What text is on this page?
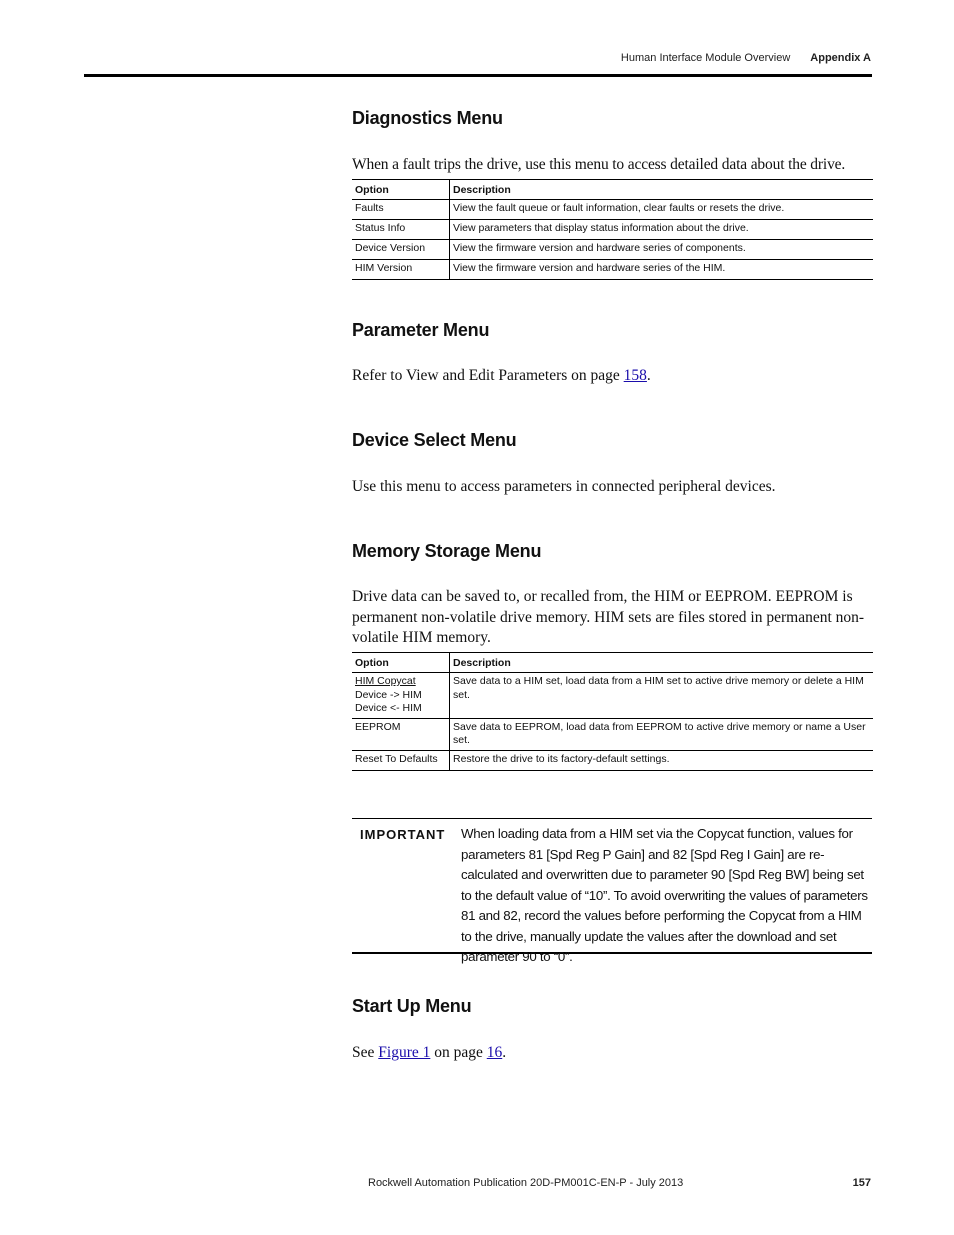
Human Interface Module Overview Appendix A
Diagnostics Menu

When a fault trips the drive, use this menu to access detailed data about the drive.

Option	Description
Faults	View the fault queue or fault information, clear faults or resets the drive.
Status Info	View parameters that display status information about the drive.
Device Version	View the firmware version and hardware series of components.
HIM Version	View the firmware version and hardware series of the HIM.
Parameter Menu

Refer to View and Edit Parameters on page 158.

Device Select Menu

Use this menu to access parameters in connected peripheral devices.

Memory Storage Menu

Drive data can be saved to, or recalled from, the HIM or EEPROM. EEPROM is permanent non-volatile drive memory. HIM sets are files stored in permanent non-volatile HIM memory.

Option	Description

HIM Copycat
Device -> HIM
Device <- HIM	Save data to a HIM set, load data from a HIM set to active drive memory or delete a HIM set.
EEPROM	Save data to EEPROM, load data from EEPROM to active drive memory or name a User set.
Reset To Defaults	Restore the drive to its factory-default settings.
IMPORTANT When loading data from a HIM set via the Copycat function, values for parameters 81 [Spd Reg P Gain] and 82 [Spd Reg I Gain] are re-calculated and overwritten due to parameter 90 [Spd Reg BW] being set to the default value of “10”. To avoid overwriting the values of parameters 81 and 82, record the values before performing the Copycat from a HIM to the drive, manually update the values after the download and set parameter 90 to “0”.
Start Up Menu

See Figure 1 on page 16.

Rockwell Automation Publication 20D-PM001C-EN-P - July 2013	157
